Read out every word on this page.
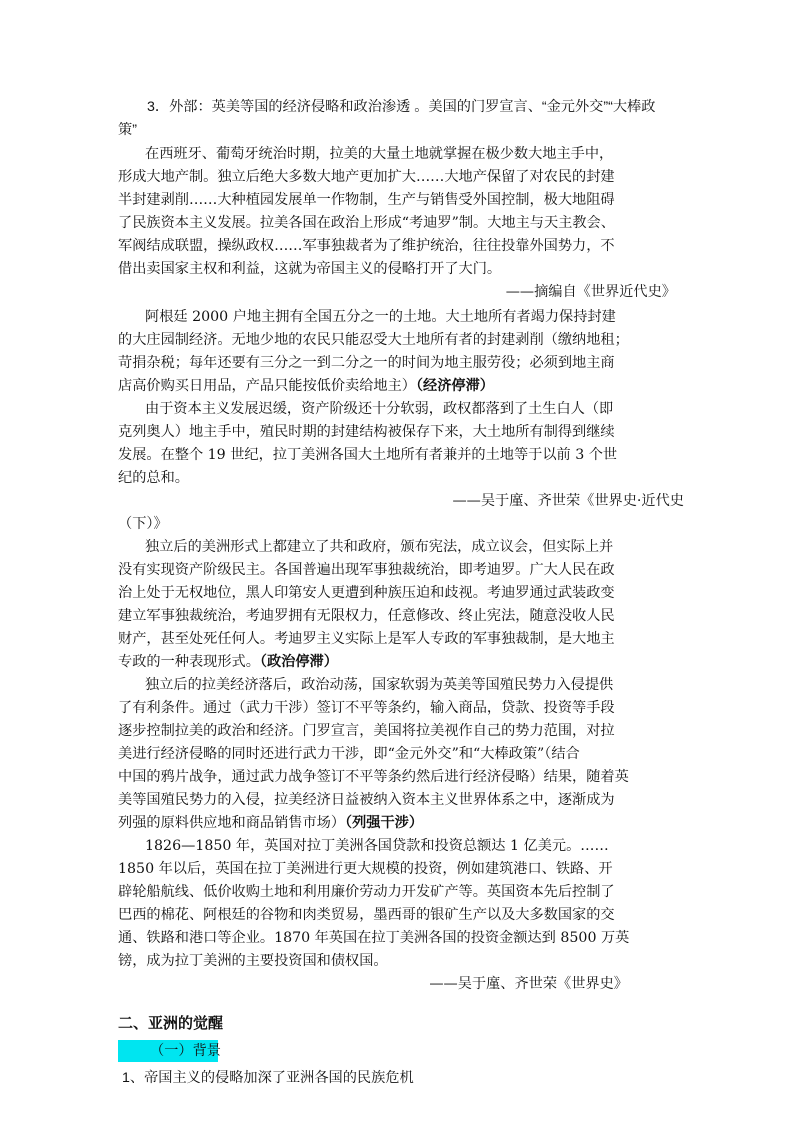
3．外部：英美等国的经济侵略和政治渗透 。美国的门罗宣言、“金元外交”“大棒政
策”
在西班牙、葡萄牙统治时期，拉美的大量土地就掌握在极少数大地主手中，
形成大地产制。独立后绝大多数大地产更加扩大……大地产保留了对农民的封建
半封建剥削……大种植园发展单一作物制，生产与销售受外国控制，极大地阻碍
了民族资本主义发展。拉美各国在政治上形成“考迪罗”制。大地主与天主教会、
军阀结成联盟，操纵政权……军事独裁者为了维护统治，往往投靠外国势力，不
借出卖国家主权和利益，这就为帝国主义的侵略打开了大门。
——摘编自《世界近代史》
阿根廷 2000 户地主拥有全国五分之一的土地。大土地所有者竭力保持封建
的大庄园制经济。无地少地的农民只能忍受大土地所有者的封建剥削（缴纳地租；
苛捐杂税；每年还要有三分之一到二分之一的时间为地主服劳役；必须到地主商
店高价购买日用品，产品只能按低价卖给地主）（经济停滞）
由于资本主义发展迟缓，资产阶级还十分软弱，政权都落到了土生白人（即
克列奥人）地主手中，殖民时期的封建结构被保存下来，大土地所有制得到继续
发展。在整个 19 世纪，拉丁美洲各国大土地所有者兼并的土地等于以前 3 个世
纪的总和。
——吴于廑、齐世荣《世界史·近代史
（下）》
独立后的美洲形式上都建立了共和政府，颁布宪法，成立议会，但实际上并
没有实现资产阶级民主。各国普遍出现军事独裁统治，即考迪罗。广大人民在政
治上处于无权地位，黑人印第安人更遭到种族压迫和歧视。考迪罗通过武装政变
建立军事独裁统治，考迪罗拥有无限权力，任意修改、终止宪法，随意没收人民
财产，甚至处死任何人。考迪罗主义实际上是军人专政的军事独裁制，是大地主
专政的一种表现形式。（政治停滞）
独立后的拉美经济落后，政治动荡，国家软弱为英美等国殖民势力入侵提供
了有利条件。通过（武力干涉）签订不平等条约，输入商品，贷款、投资等手段
逐步控制拉美的政治和经济。门罗宣言，美国将拉美视作自己的势力范围，对拉
美进行经济侵略的同时还进行武力干涉，即“金元外交”和“大棒政策”（结合
中国的鸦片战争，通过武力战争签订不平等条约然后进行经济侵略）结果，随着英
美等国殖民势力的入侵，拉美经济日益被纳入资本主义世界体系之中，逐渐成为
列强的原料供应地和商品销售市场）（列强干涉）
1826—1850 年，英国对拉丁美洲各国贷款和投资总额达 1 亿美元。……
1850 年以后，英国在拉丁美洲进行更大规模的投资，例如建筑港口、铁路、开
辟轮船航线、低价收购土地和利用廉价劳动力开发矿产等。英国资本先后控制了
巴西的棉花、阿根廷的谷物和肉类贸易，墨西哥的银矿生产以及大多数国家的交
通、铁路和港口等企业。1870 年英国在拉丁美洲各国的投资金额达到 8500 万英
镑，成为拉丁美洲的主要投资国和债权国。
——吴于廑、齐世荣《世界史》
二、亚洲的觉醒
（一）背景
1、帝国主义的侵略加深了亚洲各国的民族危机
